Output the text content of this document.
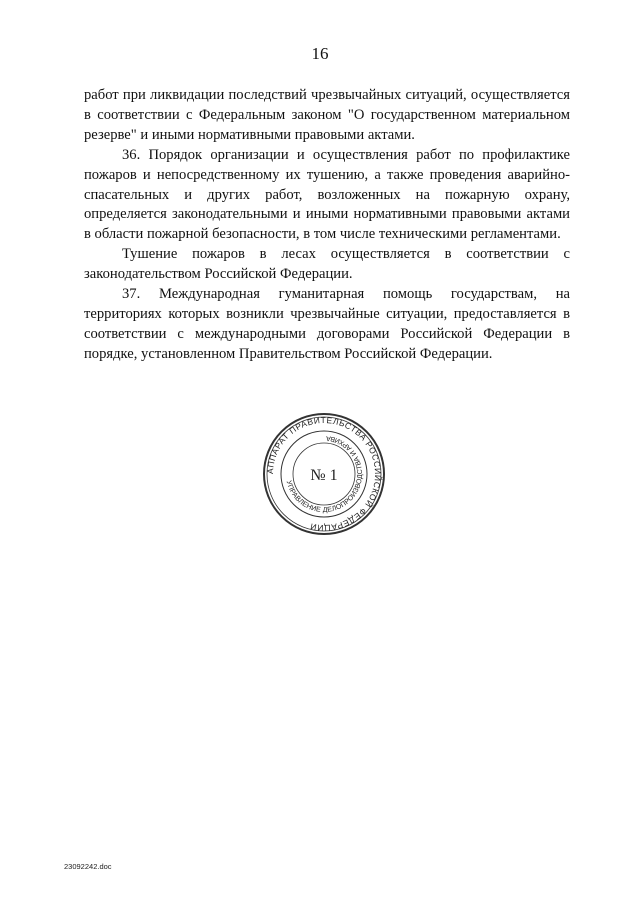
16

работ при ликвидации последствий чрезвычайных ситуаций, осуществляется в соответствии с Федеральным законом "О государственном материальном резерве" и иными нормативными правовыми актами.

36. Порядок организации и осуществления работ по профилактике пожаров и непосредственному их тушению, а также проведения аварийно-спасательных и других работ, возложенных на пожарную охрану, определяется законодательными и иными нормативными правовыми актами в области пожарной безопасности, в том числе техническими регламентами.

Тушение пожаров в лесах осуществляется в соответствии с законодательством Российской Федерации.

37. Международная гуманитарная помощь государствам, на территориях которых возникли чрезвычайные ситуации, предоставляется в соответствии с международными договорами Российской Федерации в порядке, установленном Правительством Российской Федерации.

АППАРАТ ПРАВИТЕЛЬСТВА РОССИЙСКОЙ ФЕДЕРАЦИИ
УПРАВЛЕНИЕ ДЕЛОПРОИЗВОДСТВА И АРХИВА
№ 1
23092242.doc
